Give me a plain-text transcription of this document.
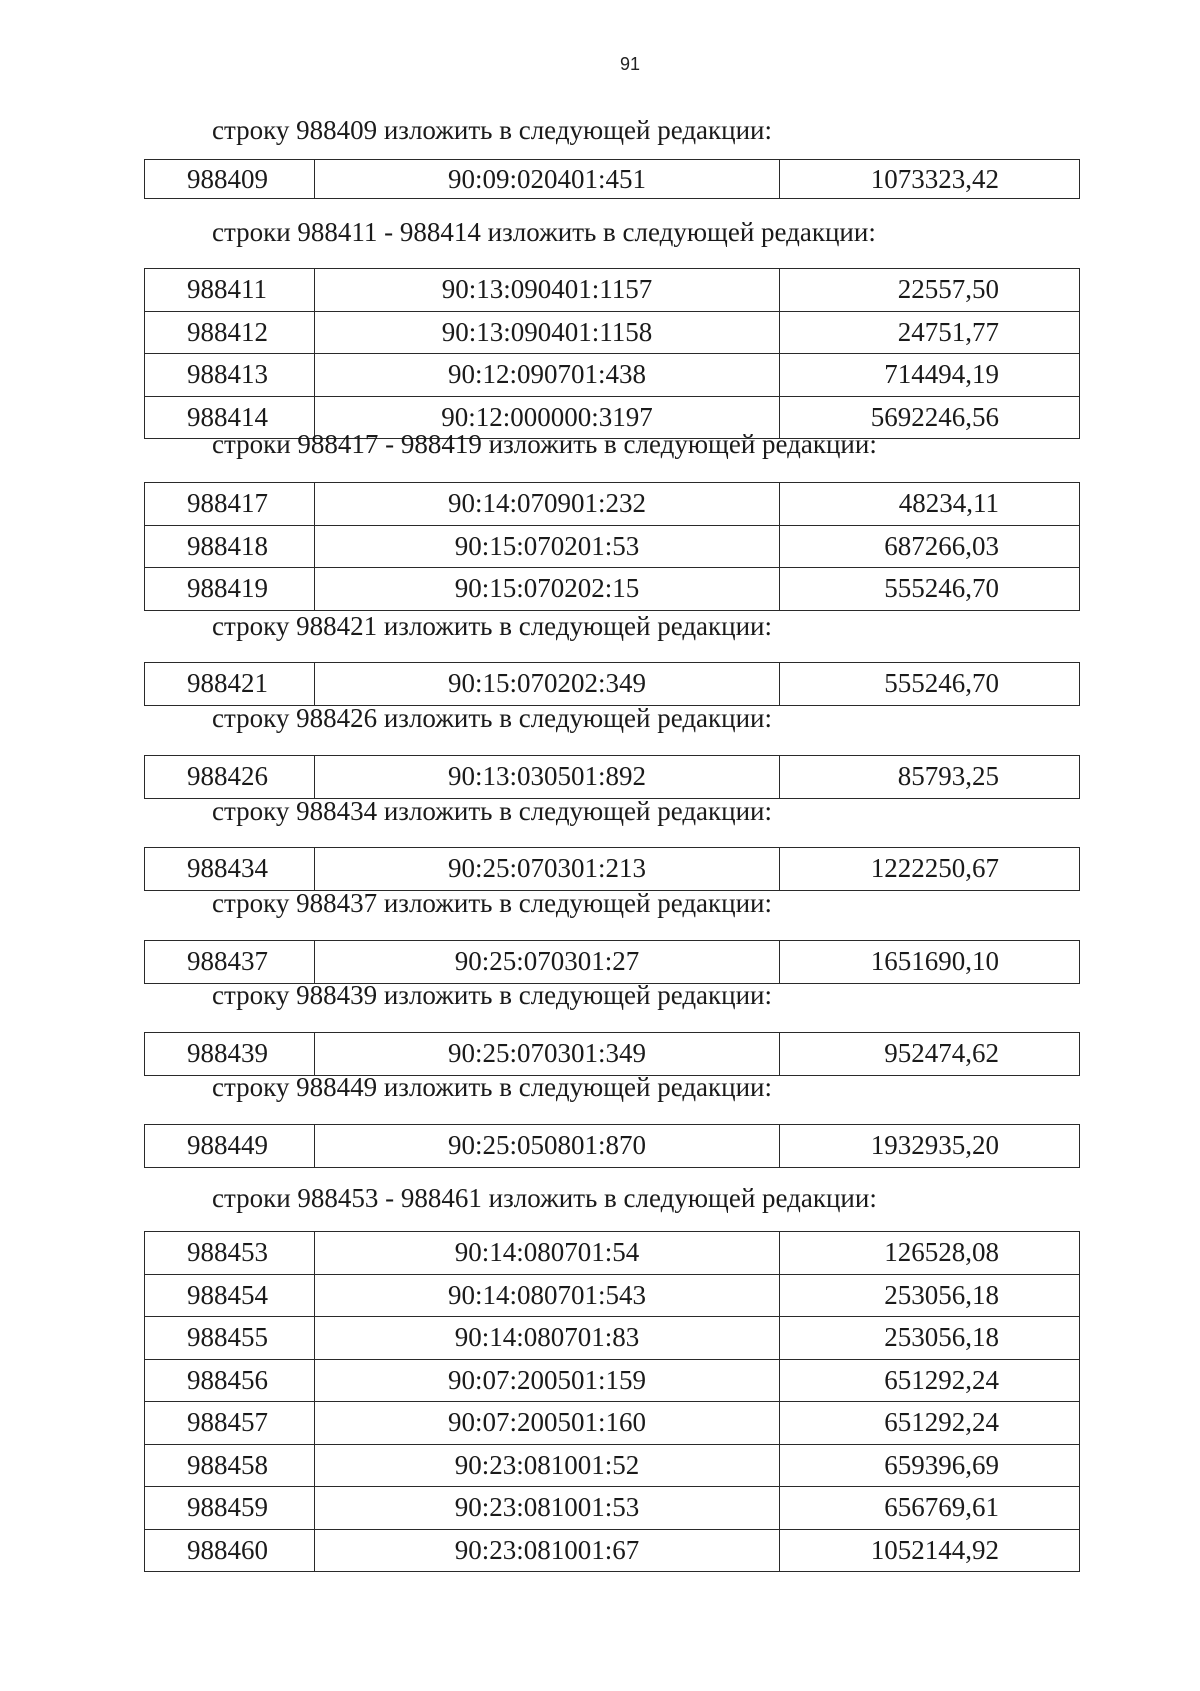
91
строку 988409 изложить в следующей редакции:
988409	90:09:020401:451	1073323,42
строки 988411 - 988414 изложить в следующей редакции:
988411	90:13:090401:1157	22557,50
988412	90:13:090401:1158	24751,77
988413	90:12:090701:438	714494,19
988414	90:12:000000:3197	5692246,56
строки 988417 - 988419 изложить в следующей редакции:
988417	90:14:070901:232	48234,11
988418	90:15:070201:53	687266,03
988419	90:15:070202:15	555246,70
строку 988421 изложить в следующей редакции:
988421	90:15:070202:349	555246,70
строку 988426 изложить в следующей редакции:
988426	90:13:030501:892	85793,25
строку 988434 изложить в следующей редакции:
988434	90:25:070301:213	1222250,67
строку 988437 изложить в следующей редакции:
988437	90:25:070301:27	1651690,10
строку 988439 изложить в следующей редакции:
988439	90:25:070301:349	952474,62
строку 988449 изложить в следующей редакции:
988449	90:25:050801:870	1932935,20
строки 988453 - 988461 изложить в следующей редакции:
988453	90:14:080701:54	126528,08
988454	90:14:080701:543	253056,18
988455	90:14:080701:83	253056,18
988456	90:07:200501:159	651292,24
988457	90:07:200501:160	651292,24
988458	90:23:081001:52	659396,69
988459	90:23:081001:53	656769,61
988460	90:23:081001:67	1052144,92
